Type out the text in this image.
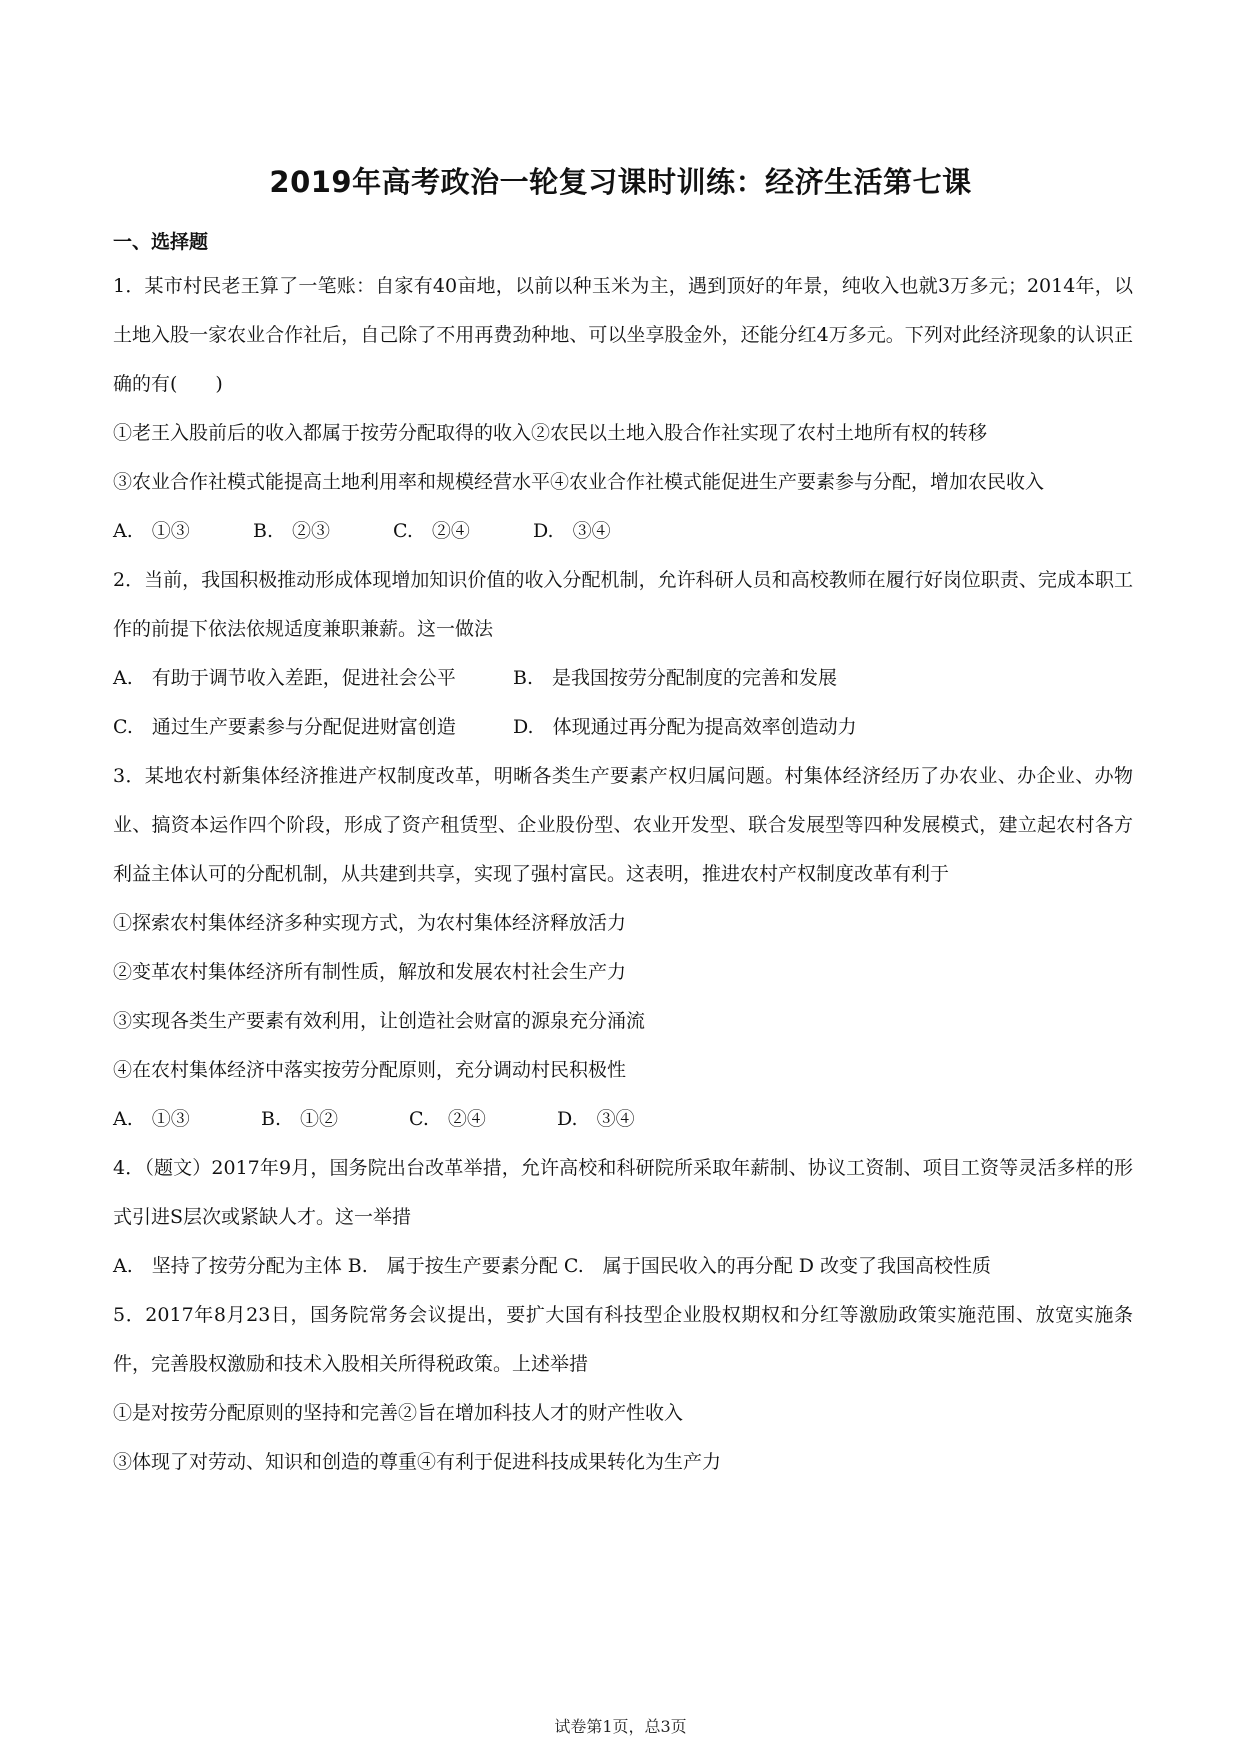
2019年高考政治一轮复习课时训练：经济生活第七课
一、选择题
1．某市村民老王算了一笔账：自家有40亩地，以前以种玉米为主，遇到顶好的年景，纯收入也就3万多元；2014年，以土地入股一家农业合作社后，自己除了不用再费劲种地、可以坐享股金外，还能分红4万多元。下列对此经济现象的认识正确的有(　　)
①老王入股前后的收入都属于按劳分配取得的收入②农民以土地入股合作社实现了农村土地所有权的转移
③农业合作社模式能提高土地利用率和规模经营水平④农业合作社模式能促进生产要素参与分配，增加农民收入
A.　①③	B.　②③	C.　②④	D.　③④
2．当前，我国积极推动形成体现增加知识价值的收入分配机制，允许科研人员和高校教师在履行好岗位职责、完成本职工作的前提下依法依规适度兼职兼薪。这一做法
A.　有助于调节收入差距，促进社会公平	B.　是我国按劳分配制度的完善和发展
C.　通过生产要素参与分配促进财富创造	D.　体现通过再分配为提高效率创造动力
3．某地农村新集体经济推进产权制度改革，明晰各类生产要素产权归属问题。村集体经济经历了办农业、办企业、办物业、搞资本运作四个阶段，形成了资产租赁型、企业股份型、农业开发型、联合发展型等四种发展模式，建立起农村各方利益主体认可的分配机制，从共建到共享，实现了强村富民。这表明，推进农村产权制度改革有利于
①探索农村集体经济多种实现方式，为农村集体经济释放活力
②变革农村集体经济所有制性质，解放和发展农村社会生产力
③实现各类生产要素有效利用，让创造社会财富的源泉充分涌流
④在农村集体经济中落实按劳分配原则，充分调动村民积极性
A.　①③	B.　①②	C.　②④	D.　③④
4．（题文）2017年9月，国务院出台改革举措，允许高校和科研院所采取年薪制、协议工资制、项目工资等灵活多样的形式引进S层次或紧缺人才。这一举措
A.　坚持了按劳分配为主体 B.　属于按生产要素分配 C.　属于国民收入的再分配 D 改变了我国高校性质
5．2017年8月23日，国务院常务会议提出，要扩大国有科技型企业股权期权和分红等激励政策实施范围、放宽实施条件，完善股权激励和技术入股相关所得税政策。上述举措
①是对按劳分配原则的坚持和完善②旨在增加科技人才的财产性收入
③体现了对劳动、知识和创造的尊重④有利于促进科技成果转化为生产力
试卷第1页，总3页
